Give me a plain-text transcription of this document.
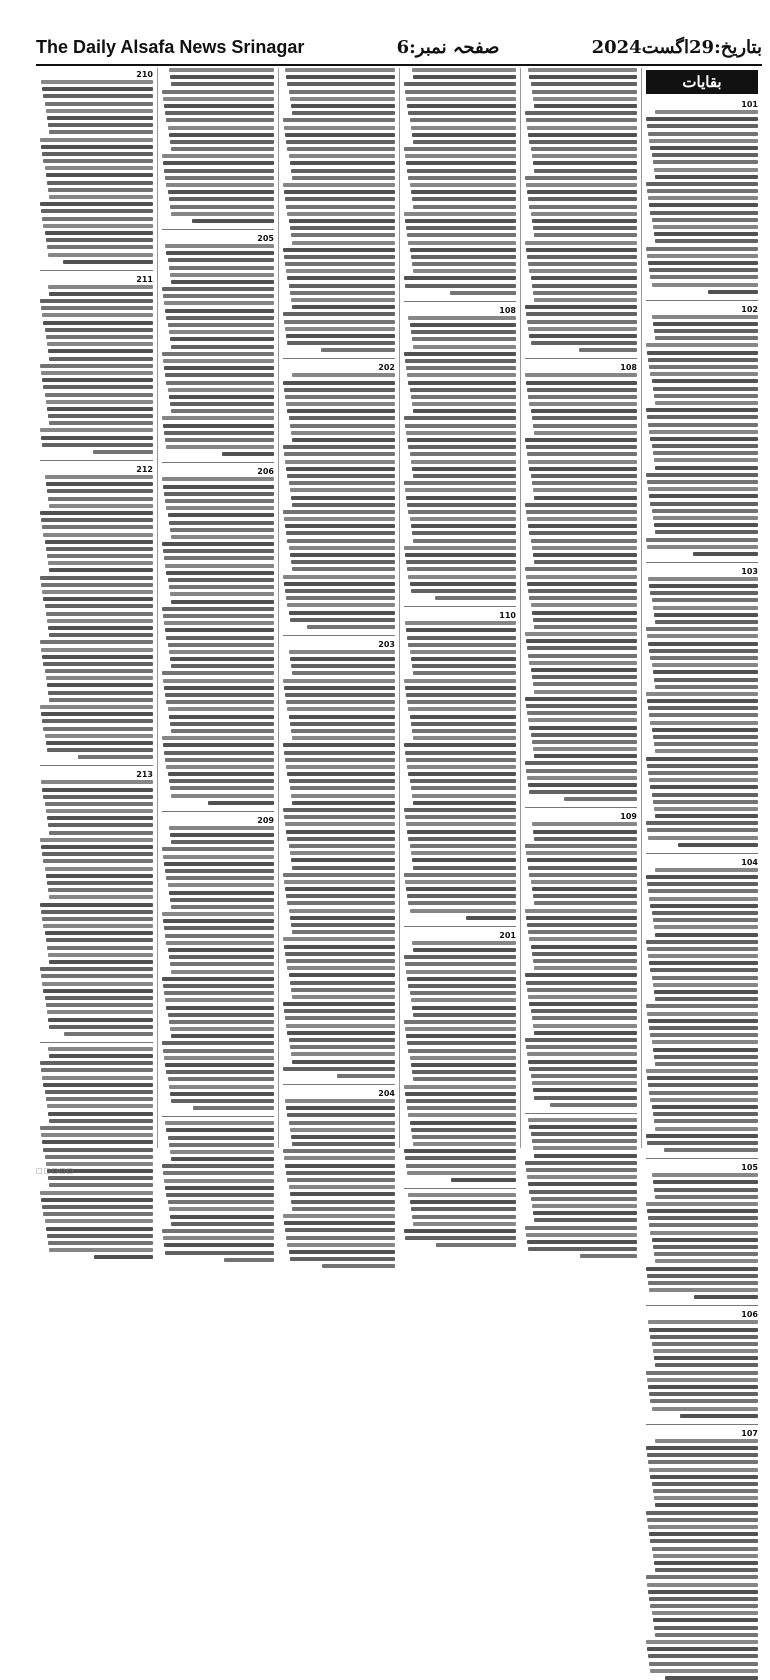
The Daily Alsafa News Srinagar	صفحہ نمبر:6	بتاریخ:29اگست2024
بقایات
101
102
103
104
105
106
107
108
109
108
110
201
202
203
204
205
206
209
210
211
212
213
□□□□□
